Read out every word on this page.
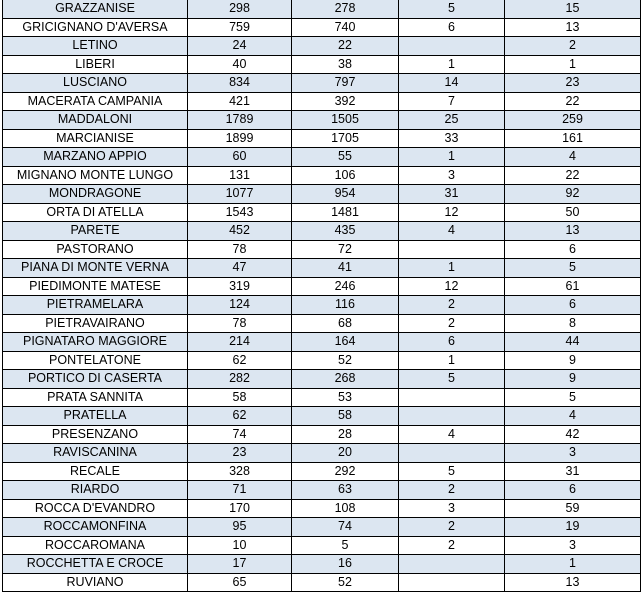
GRAZZANISE	298	278	5	15
GRICIGNANO D'AVERSA	759	740	6	13
LETINO	24	22		2
LIBERI	40	38	1	1
LUSCIANO	834	797	14	23
MACERATA CAMPANIA	421	392	7	22
MADDALONI	1789	1505	25	259
MARCIANISE	1899	1705	33	161
MARZANO APPIO	60	55	1	4
MIGNANO MONTE LUNGO	131	106	3	22
MONDRAGONE	1077	954	31	92
ORTA DI ATELLA	1543	1481	12	50
PARETE	452	435	4	13
PASTORANO	78	72		6
PIANA DI MONTE VERNA	47	41	1	5
PIEDIMONTE MATESE	319	246	12	61
PIETRAMELARA	124	116	2	6
PIETRAVAIRANO	78	68	2	8
PIGNATARO MAGGIORE	214	164	6	44
PONTELATONE	62	52	1	9
PORTICO DI CASERTA	282	268	5	9
PRATA SANNITA	58	53		5
PRATELLA	62	58		4
PRESENZANO	74	28	4	42
RAVISCANINA	23	20		3
RECALE	328	292	5	31
RIARDO	71	63	2	6
ROCCA D'EVANDRO	170	108	3	59
ROCCAMONFINA	95	74	2	19
ROCCAROMANA	10	5	2	3
ROCCHETTA E CROCE	17	16		1
RUVIANO	65	52		13
